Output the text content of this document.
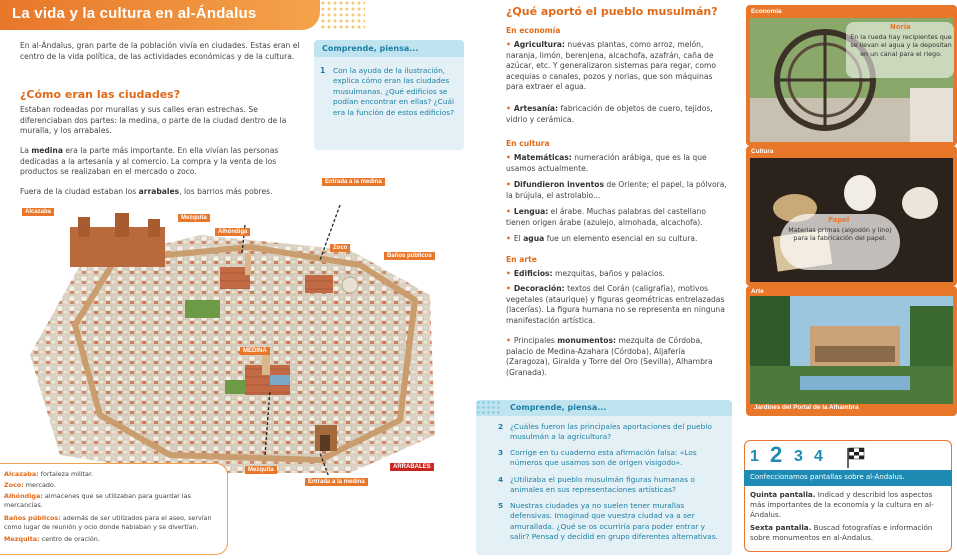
La vida y la cultura en al-Ándalus

En al-Ándalus, gran parte de la población vivía en ciudades. Estas eran el centro de la vida política, de las actividades económicas y de la cultura.

¿Cómo eran las ciudades?

Estaban rodeadas por murallas y sus calles eran estrechas. Se diferenciaban dos partes: la medina, o parte de la ciudad dentro de la muralla, y los arrabales.

La medina era la parte más importante. En ella vivían las personas dedicadas a la artesanía y al comercio. La compra y la venta de los productos se realizaban en el mercado o zoco.

Fuera de la ciudad estaban los arrabales, los barrios más pobres.

Comprende, piensa...
1 Con la ayuda de la ilustración, explica cómo eran las ciudades musulmanas. ¿Qué edificios se podían encontrar en ellas? ¿Cuál era la función de estos edificios?

Alcazaba
Mezquita
Alhóndiga
Entrada a la medina
Zoco
Baños públicos
MEDINA
Mezquita
Entrada a la medina
ARRABALES

Alcazaba: fortaleza militar.

Zoco: mercado.

Alhóndiga: almacenes que se utilizaban para guardar las mercancías.

Baños públicos: además de ser utilizados para el aseo, servían como lugar de reunión y ocio donde hablaban y se divertían.

Mezquita: centro de oración.

¿Qué aportó el pueblo musulmán?
En economía

• Agricultura: nuevas plantas, como arroz, melón, naranja, limón, berenjena, alcachofa, azafrán, caña de azúcar, etc. Y generalizaron sistemas para regar, como acequias o canales, pozos y norias, que son máquinas para extraer el agua.

• Artesanía: fabricación de objetos de cuero, tejidos, vidrio y cerámica.

En cultura

• Matemáticas: numeración arábiga, que es la que usamos actualmente.

• Difundieron inventos de Oriente; el papel, la pólvora, la brújula, el astrolabio...

• Lengua: el árabe. Muchas palabras del castellano tienen origen árabe (azulejo, almohada, alcachofa).

• El agua fue un elemento esencial en su cultura.

En arte

• Edificios: mezquitas, baños y palacios.

• Decoración: textos del Corán (caligrafía), motivos vegetales (ataurique) y figuras geométricas entrelazadas (lacerías). La figura humana no se representa en ninguna manifestación artística.

• Principales monumentos: mezquita de Córdoba, palacio de Medina-Azahara (Córdoba), Aljafería (Zaragoza), Giralda y Torre del Oro (Sevilla), Alhambra (Granada).

Comprende, piensa...

2 ¿Cuáles fueron las principales aportaciones del pueblo musulmán a la agricultura?

3 Corrige en tu cuaderno esta afirmación falsa: «Los números que usamos son de origen visigodo».

4 ¿Utilizaba el pueblo musulmán figuras humanas o animales en sus representaciones artísticas?

5 Nuestras ciudades ya no suelen tener murallas defensivas. Imaginad que vuestra ciudad va a ser amurallada. ¿Qué se os ocurriría para poder entrar y salir? Pensad y decidid en grupo diferentes alternativas.

Economía
Noria

En la rueda hay recipientes que se llevan el agua y la depositan en un canal para el riego.

Cultura
Papel

Materias primas (algodón y lino) para la fabricación del papel.

Arte
Jardines del Portal de la Alhambra
1 2 3 4
Confeccionamos pantallas sobre al-Ándalus.

Quinta pantalla. Indicad y describid los aspectos más importantes de la economía y la cultura en al-Ándalus.

Sexta pantalla. Buscad fotografías e información sobre monumentos en al-Ándalus.
